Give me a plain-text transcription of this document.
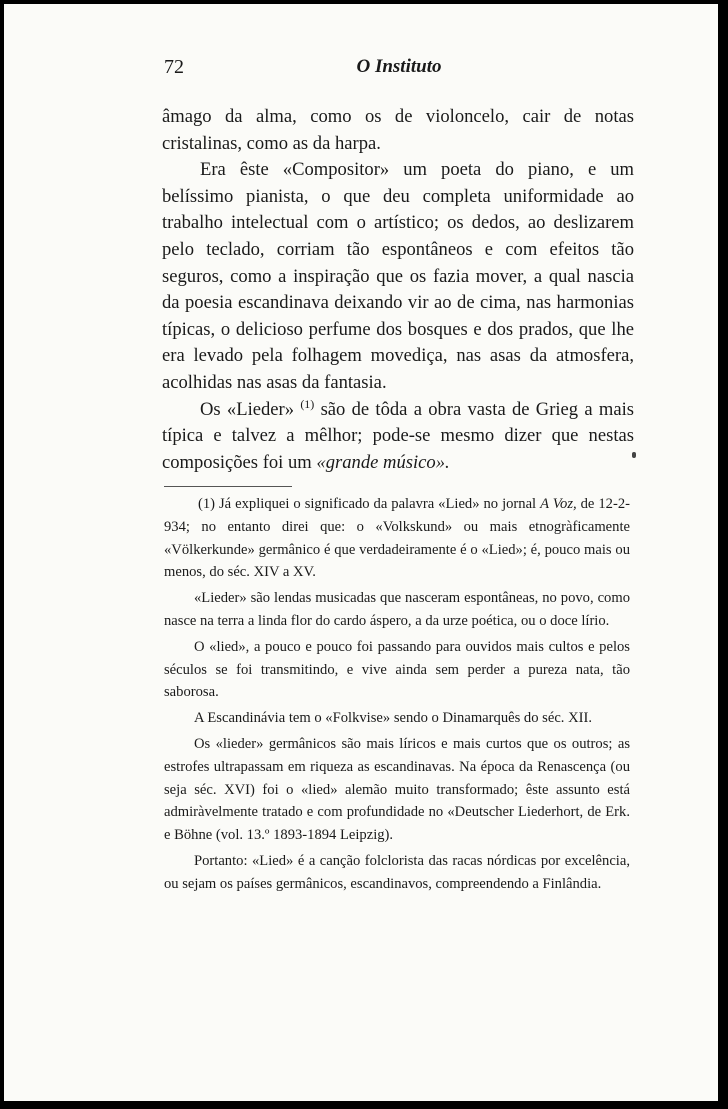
72	O Instituto

âmago da alma, como os de violoncelo, cair de notas cristalinas, como as da harpa.

Era êste «Compositor» um poeta do piano, e um belíssimo pianista, o que deu completa uniformidade ao trabalho intelectual com o artístico; os dedos, ao deslizarem pelo teclado, corriam tão espontâneos e com efeitos tão seguros, como a inspiração que os fazia mover, a qual nascia da poesia escandinava deixando vir ao de cima, nas harmonias típicas, o delicioso perfume dos bosques e dos prados, que lhe era levado pela folhagem movediça, nas asas da atmosfera, acolhidas nas asas da fantasia.

Os «Lieder» $^{(1)}$ são de tôda a obra vasta de Grieg a mais típica e talvez a mêlhor; pode-se mesmo dizer que nestas composições foi um «grande músico».

(1) Já expliquei o significado da palavra «Lied» no jornal A Voz, de 12-2-934; no entanto direi que: o «Volkskund» ou mais etnogràficamente «Völkerkunde» germânico é que verdadeiramente é o «Lied»; é, pouco mais ou menos, do séc. XIV a XV.

«Lieder» são lendas musicadas que nasceram espontâneas, no povo, como nasce na terra a linda flor do cardo áspero, a da urze poética, ou o doce lírio.

O «lied», a pouco e pouco foi passando para ouvidos mais cultos e pelos séculos se foi transmitindo, e vive ainda sem perder a pureza nata, tão saborosa.

A Escandinávia tem o «Folkvise» sendo o Dinamarquês do séc. XII.

Os «lieder» germânicos são mais líricos e mais curtos que os outros; as estrofes ultrapassam em riqueza as escandinavas. Na época da Renascença (ou seja séc. XVI) foi o «lied» alemão muito transformado; êste assunto está admiràvelmente tratado e com profundidade no «Deutscher Liederhort, de Erk. e Böhne (vol. 13.º 1893-1894 Leipzig).

Portanto: «Lied» é a canção folclorista das racas nórdicas por excelência, ou sejam os países germânicos, escandinavos, compreendendo a Finlândia.
